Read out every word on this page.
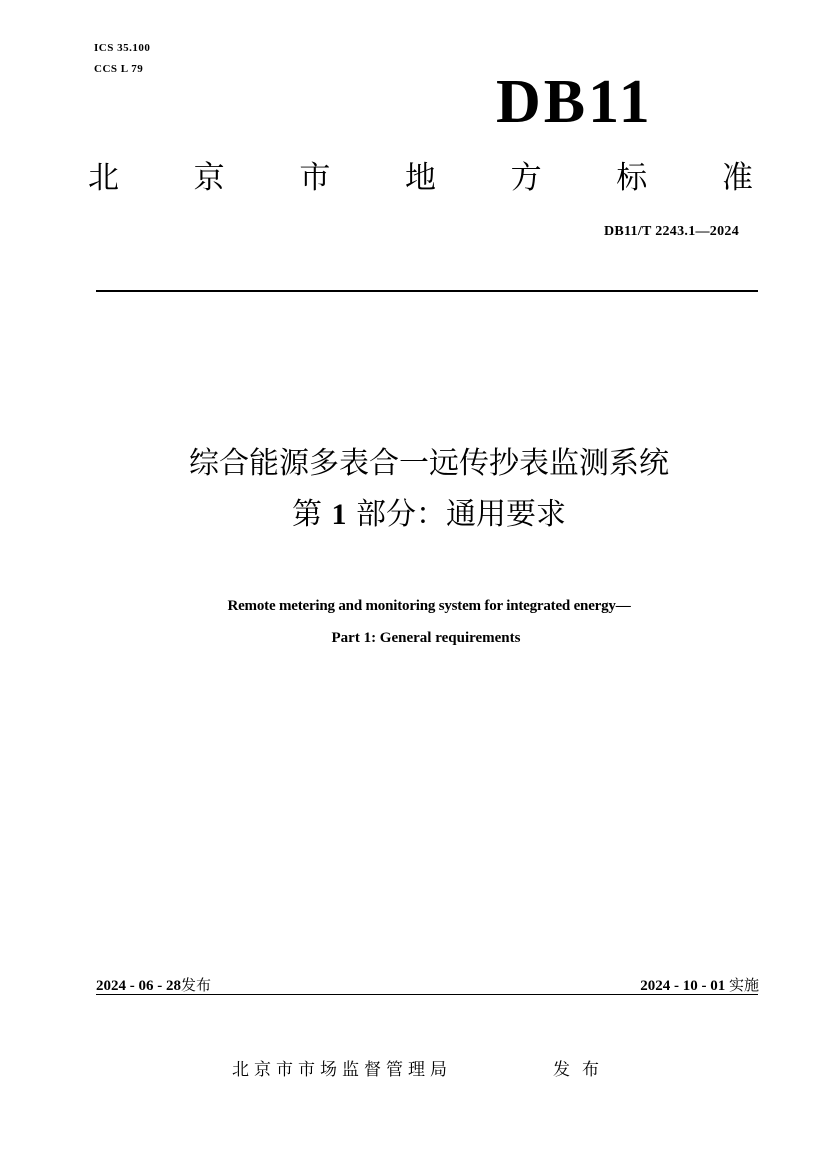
ICS 35.100
CCS L 79	DB11
北 京 市 地 方 标 准
DB11/T 2243.1—2024
综合能源多表合一远传抄表监测系统
第 1 部分：通用要求
Remote metering and monitoring system for integrated energy—
Part 1: General requirements
2024 - 06 - 28发布	2024 - 10 - 01 实施
北京市市场监督管理局	发布
